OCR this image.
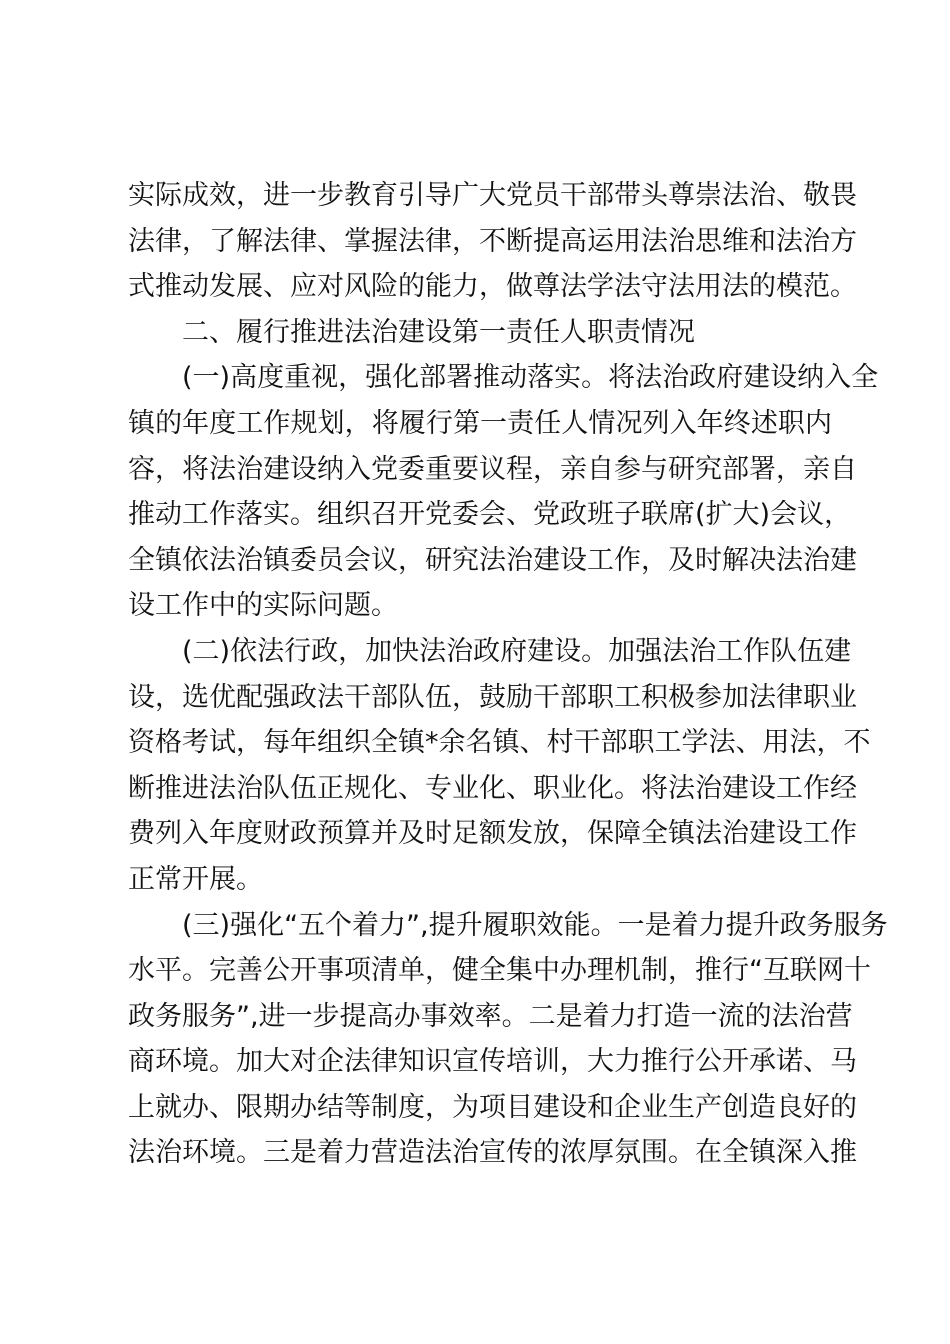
实际成效，进一步教育引导广大党员干部带头尊崇法治、敬畏
法律，了解法律、掌握法律，不断提高运用法治思维和法治方
式推动发展、应对风险的能力，做尊法学法守法用法的模范。
二、履行推进法治建设第一责任人职责情况
(一)高度重视，强化部署推动落实。将法治政府建设纳入全
镇的年度工作规划，将履行第一责任人情况列入年终述职内
容，将法治建设纳入党委重要议程，亲自参与研究部署，亲自
推动工作落实。组织召开党委会、党政班子联席(扩大)会议，
全镇依法治镇委员会议，研究法治建设工作，及时解决法治建
设工作中的实际问题。
(二)依法行政，加快法治政府建设。加强法治工作队伍建
设，选优配强政法干部队伍，鼓励干部职工积极参加法律职业
资格考试，每年组织全镇*余名镇、村干部职工学法、用法，不
断推进法治队伍正规化、专业化、职业化。将法治建设工作经
费列入年度财政预算并及时足额发放，保障全镇法治建设工作
正常开展。
(三)强化“五个着力”,提升履职效能。一是着力提升政务服务
水平。完善公开事项清单，健全集中办理机制，推行“互联网十
政务服务”,进一步提高办事效率。二是着力打造一流的法治营
商环境。加大对企法律知识宣传培训，大力推行公开承诺、马
上就办、限期办结等制度，为项目建设和企业生产创造良好的
法治环境。三是着力营造法治宣传的浓厚氛围。在全镇深入推
